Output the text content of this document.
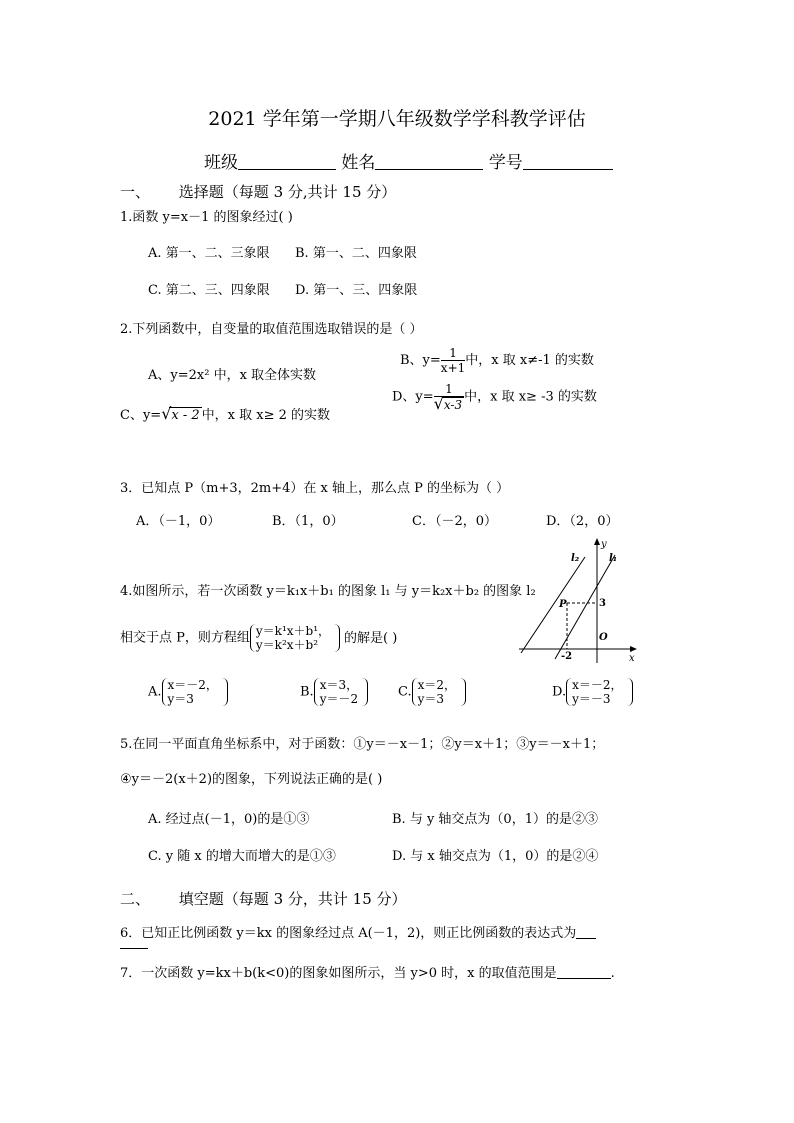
2021 学年第一学期八年级数学学科教学评估
班级	姓名	学号
一、 选择题（每题 3 分,共计 15 分）
1.函数 y=x－1 的图象经过( )
A. 第一、二、三象限 B. 第一、二、四象限
C. 第二、三、四象限 D. 第一、三、四象限
2.下列函数中，自变量的取值范围选取错误的是（ ）
A、y=2x² 中，x 取全体实数
B、$y= \frac{1}{x+1}$ 中，x 取 x≠-1 的实数
C、y=√x - 2 中，x 取 x≥ 2 的实数
D、$y= \frac{1}{√x-3}$ 中，x 取 x≥ -3 的实数
3．已知点 P（m+3，2m+4）在 x 轴上，那么点 P 的坐标为（ ）
A．（－1，0）	B．（1，0）	C．（－2，0）	D．（2，0）
4.如图所示，若一次函数 y＝k₁x＋b₁ 的图象 l₁ 与 y＝k₂x＋b₂ 的图象 l₂
相交于点 P，则方程组 y＝k¹x＋b¹，
y＝k²x＋b²	的解是( )
A. x＝－2，
y＝3	B. x＝3，
y＝－2	C. x＝2，
y＝3	D. x＝－2，
y＝－3
y
x
O
P
l₂	l₁
3
-2
5.在同一平面直角坐标系中，对于函数：①y＝－x－1；②y＝x＋1；③y＝－x＋1；
④y＝－2(x＋2)的图象，下列说法正确的是( )
A. 经过点(－1，0)的是①③	B. 与 y 轴交点为（0，1）的是②③
C. y 随 x 的增大而增大的是①③	D. 与 x 轴交点为（1，0）的是②④
二、 填空题（每题 3 分，共计 15 分）
6．已知正比例函数 y＝kx 的图象经过点 A(－1，2)，则正比例函数的表达式为
7．一次函数 y=kx＋b(k<0)的图象如图所示，当 y>0 时，x 的取值范围是	.
